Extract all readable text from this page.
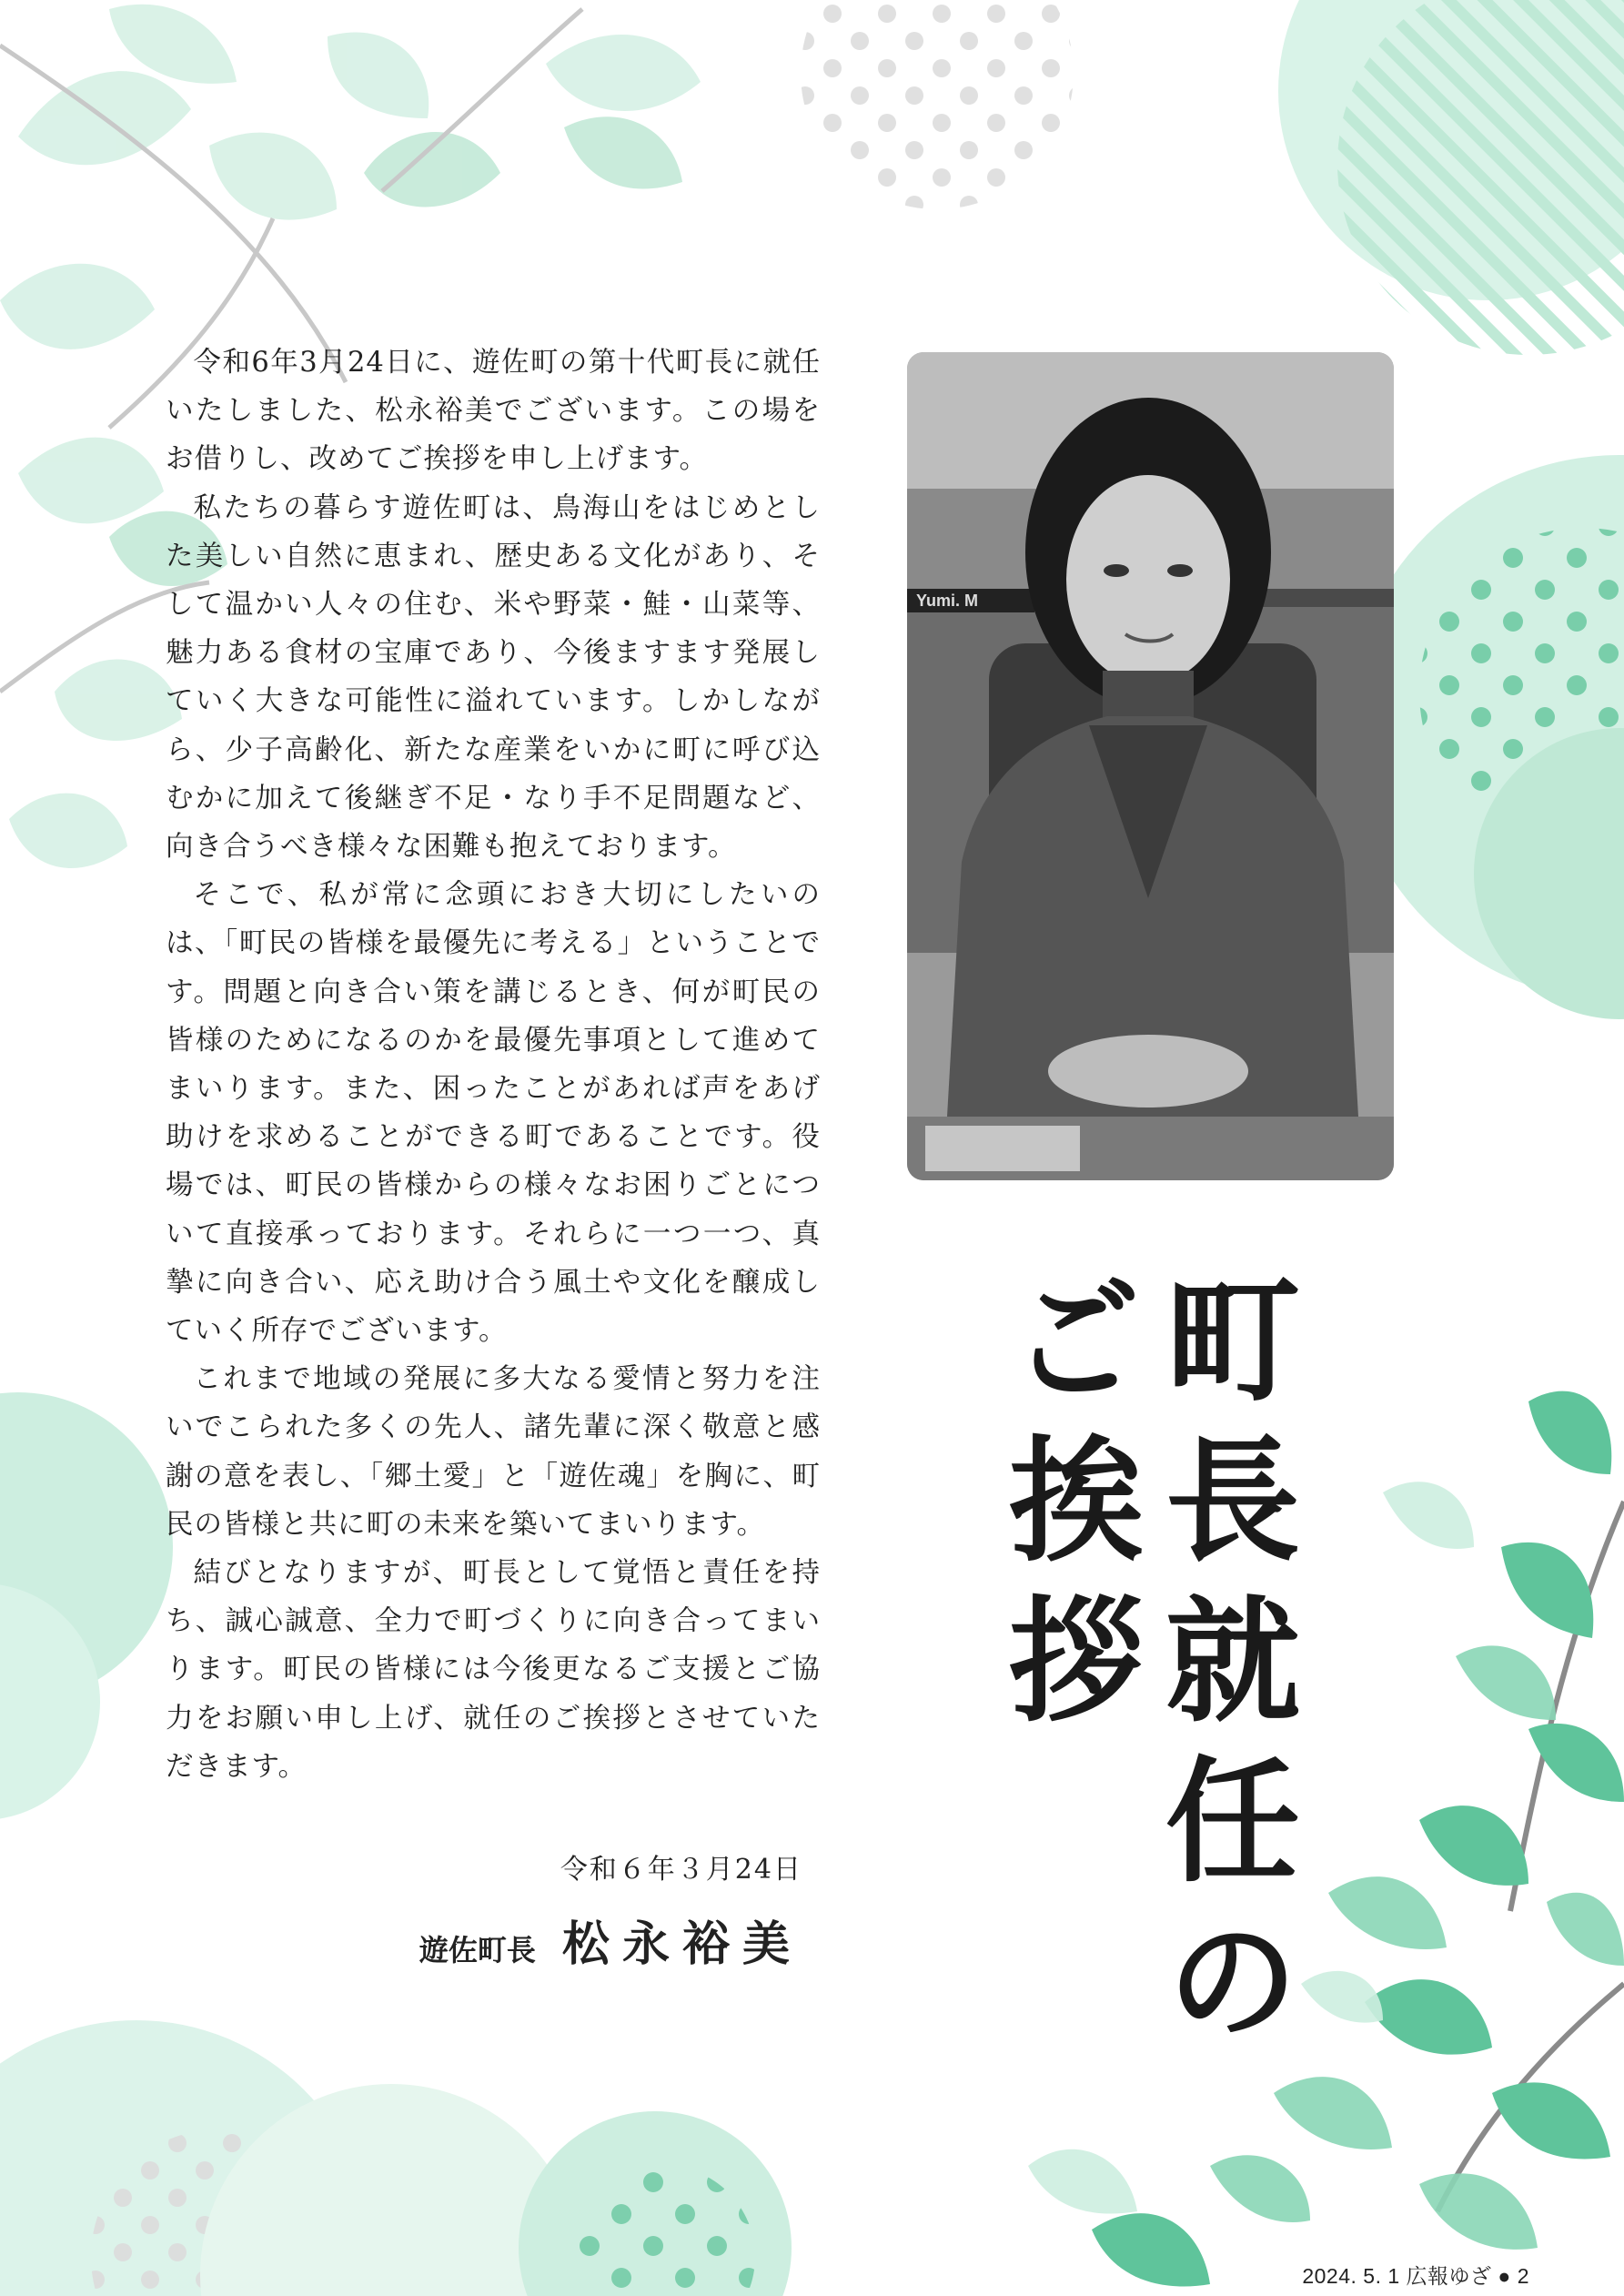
Yumi. M

令和6年3月24日に、遊佐町の第十代町長に就任いたしました、松永裕美でございます。この場をお借りし、改めてご挨拶を申し上げます。

私たちの暮らす遊佐町は、鳥海山をはじめとした美しい自然に恵まれ、歴史ある文化があり、そして温かい人々の住む、米や野菜・鮭・山菜等、魅力ある食材の宝庫であり、今後ますます発展していく大きな可能性に溢れています。しかしながら、少子高齢化、新たな産業をいかに町に呼び込むかに加えて後継ぎ不足・なり手不足問題など、向き合うべき様々な困難も抱えております。

そこで、私が常に念頭におき大切にしたいのは、「町民の皆様を最優先に考える」ということです。問題と向き合い策を講じるとき、何が町民の皆様のためになるのかを最優先事項として進めてまいります。また、困ったことがあれば声をあげ助けを求めることができる町であることです。役場では、町民の皆様からの様々なお困りごとについて直接承っております。それらに一つ一つ、真摯に向き合い、応え助け合う風土や文化を醸成していく所存でございます。

これまで地域の発展に多大なる愛情と努力を注いでこられた多くの先人、諸先輩に深く敬意と感謝の意を表し、「郷土愛」と「遊佐魂」を胸に、町民の皆様と共に町の未来を築いてまいります。

結びとなりますが、町長として覚悟と責任を持ち、誠心誠意、全力で町づくりに向き合ってまいります。町民の皆様には今後更なるご支援とご協力をお願い申し上げ、就任のご挨拶とさせていただきます。

令和６年３月24日
遊佐町長 松永裕美	町長就任の
ご挨拶
2024. 5. 1 広報ゆざ ● 2
